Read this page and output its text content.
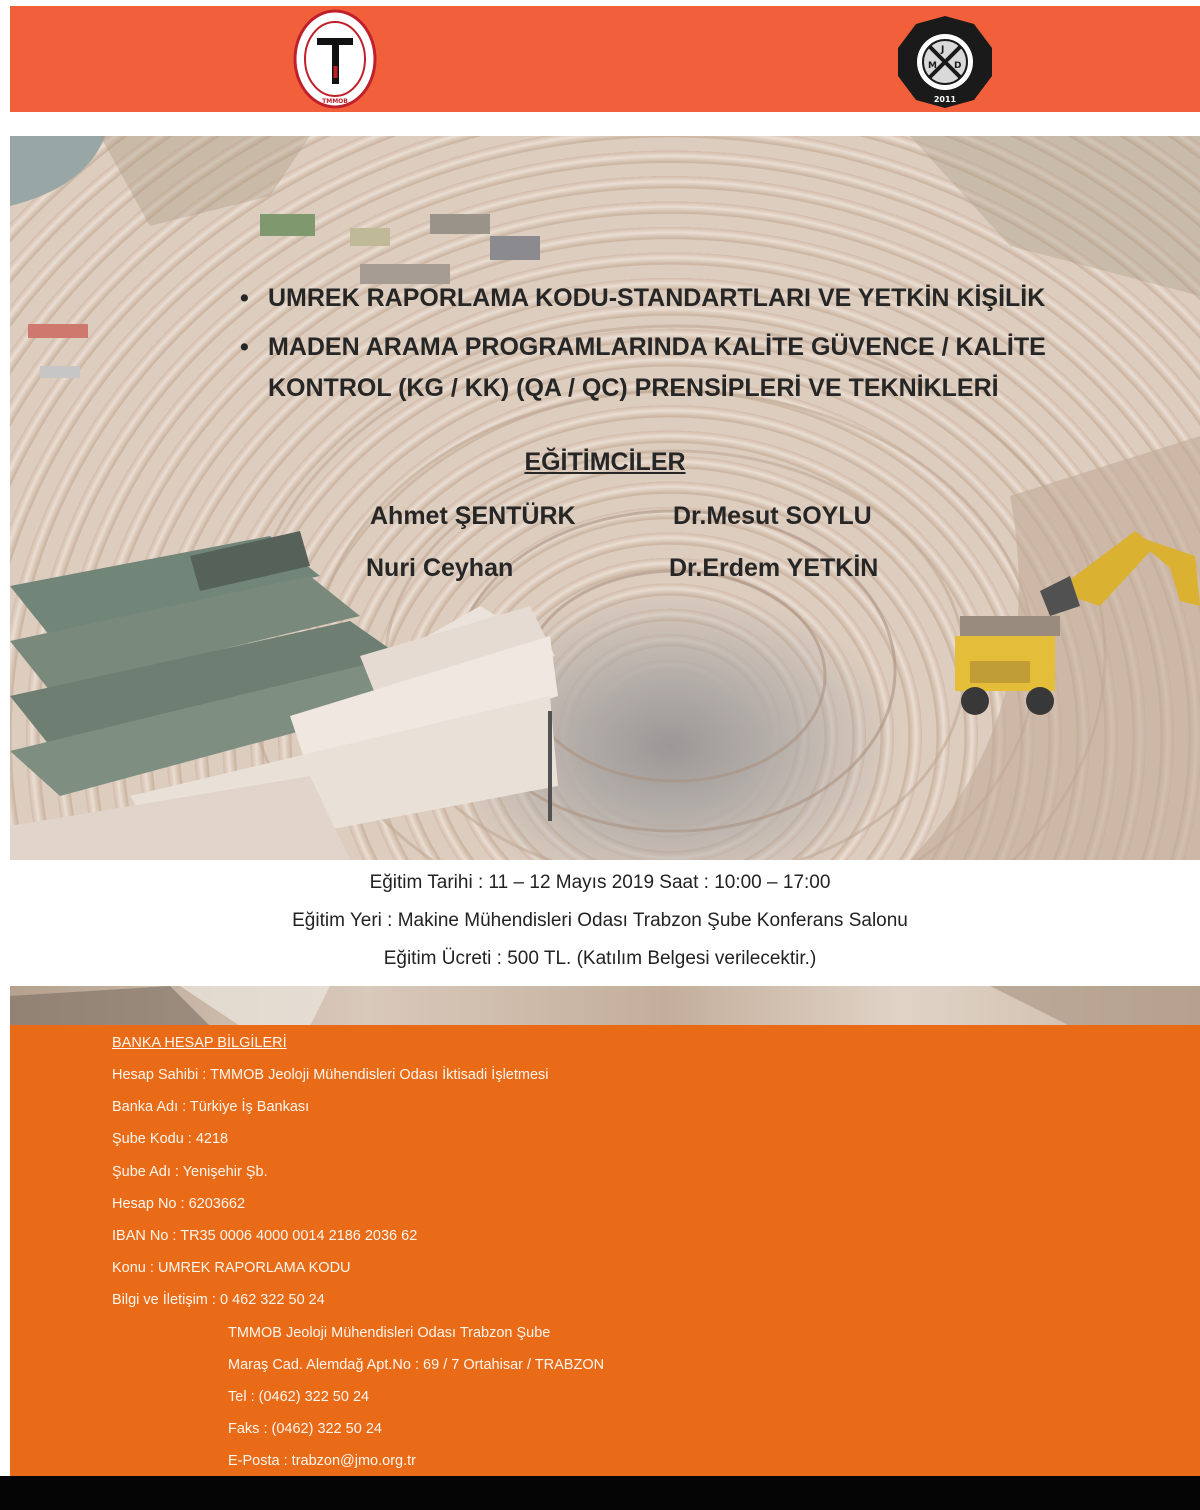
TMMOB
M
J
D
2011
• UMREK RAPORLAMA KODU-STANDARTLARI VE YETKİN KİŞİLİK
• MADEN ARAMA PROGRAMLARINDA KALİTE GÜVENCE / KALİTE KONTROL (KG / KK) (QA / QC) PRENSİPLERİ VE TEKNİKLERİ
EĞİTİMCİLER
Ahmet ŞENTÜRK	Dr.Mesut SOYLU
Nuri Ceyhan	Dr.Erdem YETKİN
Eğitim Tarihi : 11 – 12 Mayıs 2019 Saat : 10:00 – 17:00
Eğitim Yeri : Makine Mühendisleri Odası Trabzon Şube Konferans Salonu
Eğitim Ücreti : 500 TL. (Katılım Belgesi verilecektir.)
BANKA HESAP BİLGİLERİ
Hesap Sahibi : TMMOB Jeoloji Mühendisleri Odası İktisadi İşletmesi
Banka Adı : Türkiye İş Bankası
Şube Kodu : 4218
Şube Adı : Yenişehir Şb.
Hesap No : 6203662
IBAN No : TR35 0006 4000 0014 2186 2036 62
Konu : UMREK RAPORLAMA KODU
Bilgi ve İletişim : 0 462 322 50 24
TMMOB Jeoloji Mühendisleri Odası Trabzon Şube
Maraş Cad. Alemdağ Apt.No : 69 / 7 Ortahisar / TRABZON
Tel : (0462) 322 50 24
Faks : (0462) 322 50 24
E-Posta : trabzon@jmo.org.tr
